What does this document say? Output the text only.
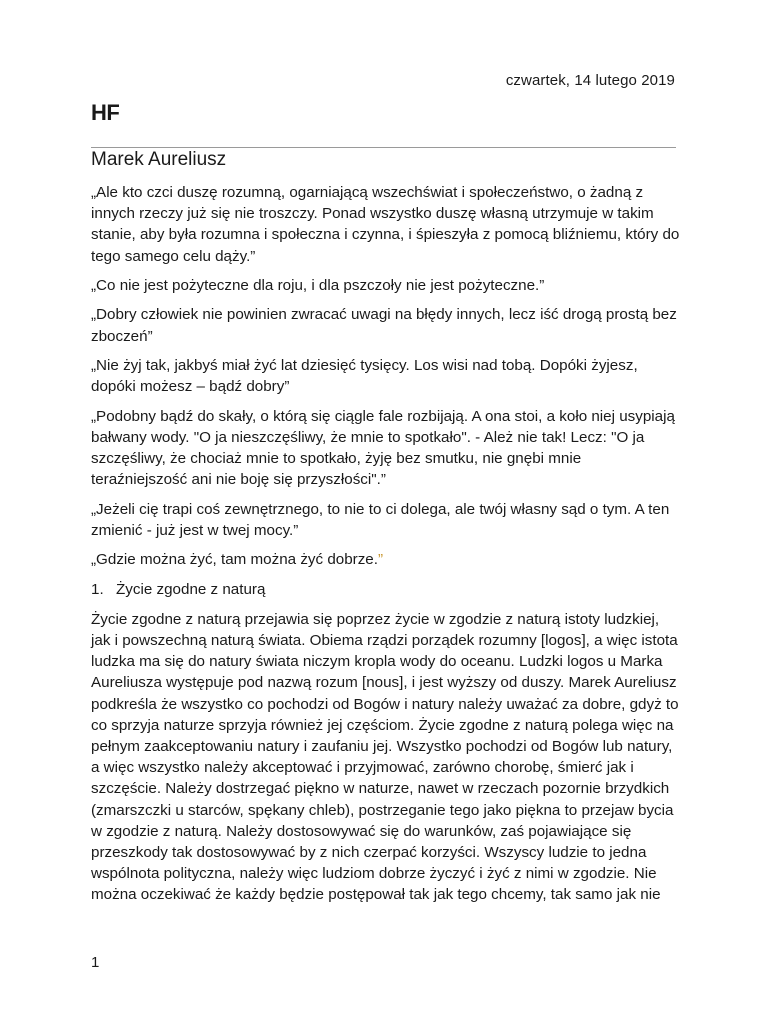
czwartek, 14 lutego 2019
HF
Marek Aureliusz

„Ale kto czci duszę rozumną, ogarniającą wszechświat i społeczeństwo, o żadną z innych rzeczy już się nie troszczy. Ponad wszystko duszę własną utrzymuje w takim stanie, aby była rozumna i społeczna i czynna, i śpieszyła z pomocą bliźniemu, który do tego samego celu dąży.”

„Co nie jest pożyteczne dla roju, i dla pszczoły nie jest pożyteczne.”

„Dobry człowiek nie powinien zwracać uwagi na błędy innych, lecz iść drogą prostą bez zboczeń”

„Nie żyj tak, jakbyś miał żyć lat dziesięć tysięcy. Los wisi nad tobą. Dopóki żyjesz, dopóki możesz – bądź dobry”

„Podobny bądź do skały, o którą się ciągle fale rozbijają. A ona stoi, a koło niej usypiają bałwany wody. "O ja nieszczęśliwy, że mnie to spotkało". - Ależ nie tak! Lecz: "O ja szczęśliwy, że chociaż mnie to spotkało, żyję bez smutku, nie gnębi mnie teraźniejszość ani nie boję się przyszłości".”

„Jeżeli cię trapi coś zewnętrznego, to nie to ci dolega, ale twój własny sąd o tym. A ten zmienić - już jest w twej mocy.”

„Gdzie można żyć, tam można żyć dobrze.”

1. Życie zgodne z naturą

Życie zgodne z naturą przejawia się poprzez życie w zgodzie z naturą istoty ludzkiej, jak i powszechną naturą świata. Obiema rządzi porządek rozumny [logos], a więc istota ludzka ma się do natury świata niczym kropla wody do oceanu. Ludzki logos u Marka Aureliusza występuje pod nazwą rozum [nous], i jest wyższy od duszy. Marek Aureliusz podkreśla że wszystko co pochodzi od Bogów i natury należy uważać za dobre, gdyż to co sprzyja naturze sprzyja również jej częściom. Życie zgodne z naturą polega więc na pełnym zaakceptowaniu natury i zaufaniu jej. Wszystko pochodzi od Bogów lub natury, a więc wszystko należy akceptować i przyjmować, zarówno chorobę, śmierć jak i szczęście. Należy dostrzegać piękno w naturze, nawet w rzeczach pozornie brzydkich (zmarszczki u starców, spękany chleb), postrzeganie tego jako piękna to przejaw bycia w zgodzie z naturą. Należy dostosowywać się do warunków, zaś pojawiające się przeszkody tak dostosowywać by z nich czerpać korzyści. Wszyscy ludzie to jedna wspólnota polityczna, należy więc ludziom dobrze życzyć i żyć z nimi w zgodzie. Nie można oczekiwać że każdy będzie postępował tak jak tego chcemy, tak samo jak nie

1
